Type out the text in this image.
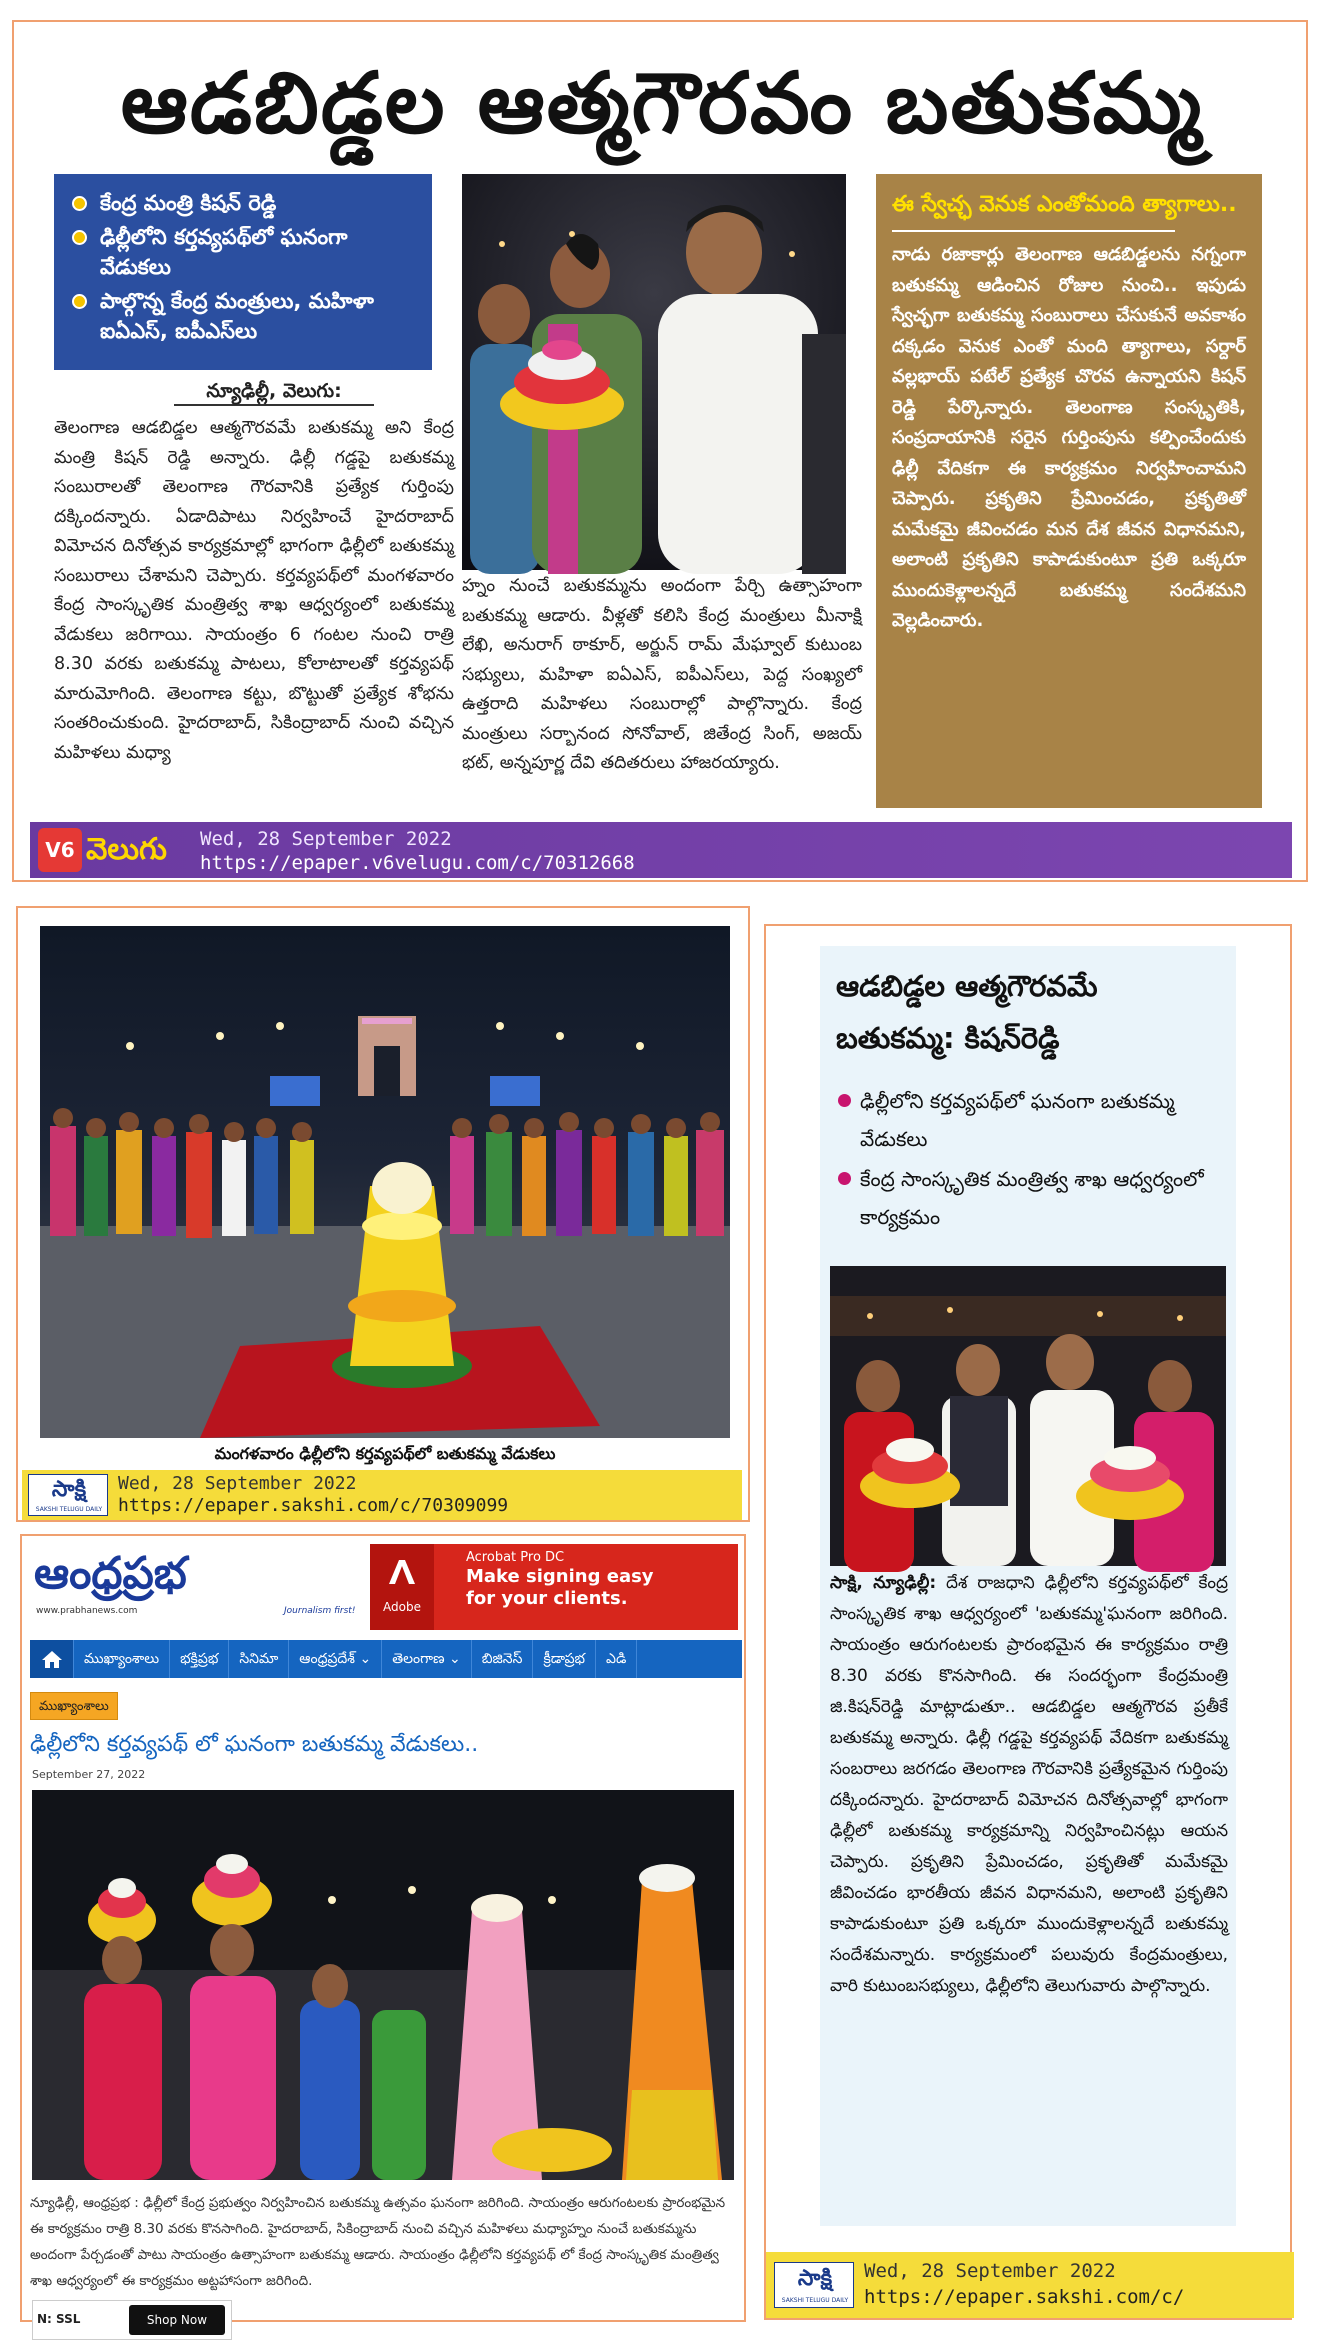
ఆడబిడ్డల ఆత్మగౌరవం బతుకమ్మ
కేంద్ర మంత్రి కిషన్ రెడ్డి
ఢిల్లీలోని కర్తవ్యపథ్‌లో ఘనంగా వేడుకలు
పాల్గొన్న కేంద్ర మంత్రులు, మహిళా ఐఏఎస్, ఐపీఎస్‌లు
న్యూఢిల్లీ, వెలుగు:
తెలంగాణ ఆడబిడ్డల ఆత్మగౌరవమే బతుకమ్మ అని కేంద్ర మంత్రి కిషన్ రెడ్డి అన్నారు. ఢిల్లీ గడ్డపై బతుకమ్మ సంబురాలతో తెలంగాణ గౌరవానికి ప్రత్యేక గుర్తింపు దక్కిందన్నారు. ఏడాదిపాటు నిర్వహించే హైదరాబాద్ విమోచన దినోత్సవ కార్యక్రమాల్లో భాగంగా ఢిల్లీలో బతుకమ్మ సంబురాలు చేశామని చెప్పారు. కర్తవ్యపథ్‌లో మంగళవారం కేంద్ర సాంస్కృతిక మంత్రిత్వ శాఖ ఆధ్వర్యంలో బతుకమ్మ వేడుకలు జరిగాయి. సాయంత్రం 6 గంటల నుంచి రాత్రి 8.30 వరకు బతుకమ్మ పాటలు, కోలాటాలతో కర్తవ్యపథ్ మారుమోగింది. తెలంగాణ కట్టు, బొట్టుతో ప్రత్యేక శోభను సంతరించుకుంది. హైదరాబాద్, సికింద్రాబాద్ నుంచి వచ్చిన మహిళలు మధ్యా
హ్నం నుంచే బతుకమ్మను అందంగా పేర్చి ఉత్సాహంగా బతుకమ్మ ఆడారు. వీళ్లతో కలిసి కేంద్ర మంత్రులు మీనాక్షి లేఖి, అనురాగ్ ఠాకూర్, అర్జున్ రామ్ మేఘ్వాల్ కుటుంబ సభ్యులు, మహిళా ఐఏఎస్, ఐపీఎస్‌లు, పెద్ద సంఖ్యలో ఉత్తరాది మహిళలు సంబురాల్లో పాల్గొన్నారు. కేంద్ర మంత్రులు సర్బానంద సోనోవాల్, జితేంద్ర సింగ్, అజయ్ భట్, అన్నపూర్ణ దేవి తదితరులు హాజరయ్యారు.
ఈ స్వేచ్ఛ వెనుక ఎంతోమంది త్యాగాలు..
నాడు రజాకార్లు తెలంగాణ ఆడబిడ్డలను నగ్నంగా బతుకమ్మ ఆడించిన రోజుల నుంచి.. ఇపుడు స్వేచ్ఛగా బతుకమ్మ సంబురాలు చేసుకునే అవకాశం దక్కడం వెనుక ఎంతో మంది త్యాగాలు, సర్దార్ వల్లభాయ్ పటేల్ ప్రత్యేక చొరవ ఉన్నాయని కిషన్ రెడ్డి పేర్కొన్నారు. తెలంగాణ సంస్కృతికి, సంప్రదాయానికి సరైన గుర్తింపును కల్పించేందుకు ఢిల్లీ వేదికగా ఈ కార్యక్రమం నిర్వహించామని చెప్పారు. ప్రకృతిని ప్రేమించడం, ప్రకృతితో మమేకమై జీవించడం మన దేశ జీవన విధానమని, అలాంటి ప్రకృతిని కాపాడుకుంటూ ప్రతి ఒక్కరూ ముందుకెళ్లాలన్నదే బతుకమ్మ సందేశమని వెల్లడించారు.
V6 వెలుగు Wed, 28 September 2022
https://epaper.v6velugu.com/c/70312668
మంగళవారం ఢిల్లీలోని కర్తవ్యపథ్‌లో బతుకమ్మ వేడుకలు
సాక్షి
SAKSHI TELUGU DAILY
Wed, 28 September 2022
https://epaper.sakshi.com/c/70309099
ఆడబిడ్డల ఆత్మగౌరవమే బతుకమ్మ: కిషన్‌రెడ్డి
ఢిల్లీలోని కర్తవ్యపథ్‌లో ఘనంగా బతుకమ్మ వేడుకలు
కేంద్ర సాంస్కృతిక మంత్రిత్వ శాఖ ఆధ్వర్యంలో కార్యక్రమం
సాక్షి, న్యూఢిల్లీ: దేశ రాజధాని ఢిల్లీలోని కర్తవ్యపథ్‌లో కేంద్ర సాంస్కృతిక శాఖ ఆధ్వర్యంలో 'బతుకమ్మ'ఘనంగా జరిగింది. సాయంత్రం ఆరుగంటలకు ప్రారంభమైన ఈ కార్యక్రమం రాత్రి 8.30 వరకు కొనసాగింది. ఈ సందర్భంగా కేంద్రమంత్రి జి.కిషన్‌రెడ్డి మాట్లాడుతూ.. ఆడబిడ్డల ఆత్మగౌరవ ప్రతీకే బతుకమ్మ అన్నారు. ఢిల్లీ గడ్డపై కర్తవ్యపథ్ వేదికగా బతుకమ్మ సంబరాలు జరగడం తెలంగాణ గౌరవానికి ప్రత్యేకమైన గుర్తింపు దక్కిందన్నారు. హైదరాబాద్ విమోచన దినోత్సవాల్లో భాగంగా ఢిల్లీలో బతుకమ్మ కార్యక్రమాన్ని నిర్వహించినట్లు ఆయన చెప్పారు. ప్రకృతిని ప్రేమించడం, ప్రకృతితో మమేకమై జీవించడం భారతీయ జీవన విధానమని, అలాంటి ప్రకృతిని కాపాడుకుంటూ ప్రతి ఒక్కరూ ముందుకెళ్లాలన్నదే బతుకమ్మ సందేశమన్నారు. కార్యక్రమంలో పలువురు కేంద్రమంత్రులు, వారి కుటుంబసభ్యులు, ఢిల్లీలోని తెలుగువారు పాల్గొన్నారు.
సాక్షి
SAKSHI TELUGU DAILY
Wed, 28 September 2022
https://epaper.sakshi.com/c/
ఆంధ్రప్రభ
www.prabhanews.com	Journalism first!	Adobe
Acrobat Pro DC
Make signing easy for your clients.
ముఖ్యాంశాలు	భక్తిప్రభ	సినిమా	ఆంధ్రప్రదేశ్ ⌄	తెలంగాణ ⌄	బిజినెస్	క్రీడాప్రభ	ఎడి
ముఖ్యాంశాలు
ఢిల్లీలోని కర్తవ్యపథ్ లో ఘనంగా బతుకమ్మ వేడుకలు..
September 27, 2022
N: SSL	Shop Now
న్యూఢిల్లీ, ఆంధ్రప్రభ : ఢిల్లీలో కేంద్ర ప్రభుత్వం నిర్వహించిన బతుకమ్మ ఉత్సవం ఘనంగా జరిగింది. సాయంత్రం ఆరుగంటలకు ప్రారంభమైన ఈ కార్యక్రమం రాత్రి 8.30 వరకు కొనసాగింది. హైదరాబాద్, సికింద్రాబాద్ నుంచి వచ్చిన మహిళలు మధ్యాహ్నం నుంచే బతుకమ్మను అందంగా పేర్చడంతో పాటు సాయంత్రం ఉత్సాహంగా బతుకమ్మ ఆడారు. సాయంత్రం ఢిల్లీలోని కర్తవ్యపథ్ లో కేంద్ర సాంస్కృతిక మంత్రిత్వ శాఖ ఆధ్వర్యంలో ఈ కార్యక్రమం అట్టహాసంగా జరిగింది.
